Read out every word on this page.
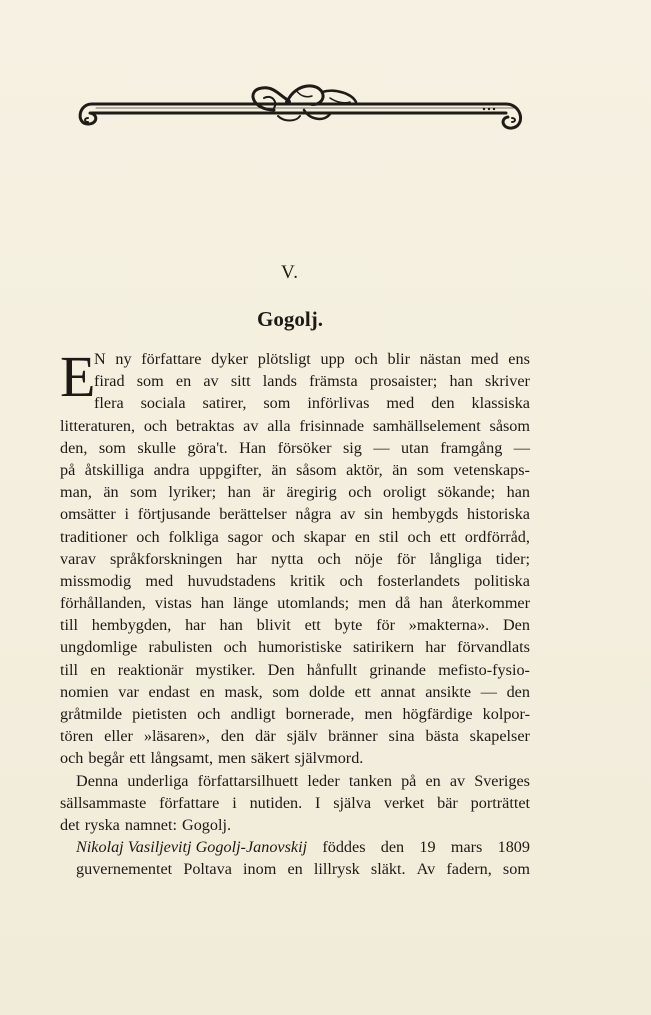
V.
Gogolj.
E
N ny författare dyker plötsligt upp och blir nästan med ens
firad som en av sitt lands främsta prosaister; han skriver
flera sociala satirer, som införlivas med den klassiska
litteraturen, och betraktas av alla frisinnade samhällselement såsom
den, som skulle göra't. Han försöker sig — utan framgång —
på åtskilliga andra uppgifter, än såsom aktör, än som vetenskaps-
man, än som lyriker; han är äregirig och oroligt sökande; han
omsätter i förtjusande berättelser några av sin hembygds historiska
traditioner och folkliga sagor och skapar en stil och ett ordförråd,
varav språkforskningen har nytta och nöje för långliga tider;
missmodig med huvudstadens kritik och fosterlandets politiska
förhållanden, vistas han länge utomlands; men då han återkommer
till hembygden, har han blivit ett byte för »makterna». Den
ungdomlige rabulisten och humoristiske satirikern har förvandlats
till en reaktionär mystiker. Den hånfullt grinande mefisto-fysio-
nomien var endast en mask, som dolde ett annat ansikte — den
gråtmilde pietisten och andligt bornerade, men högfärdige kolpor-
tören eller »läsaren», den där själv bränner sina bästa skapelser
och begår ett långsamt, men säkert självmord.
Denna underliga författarsilhuett leder tanken på en av Sveriges
sällsammaste författare i nutiden. I själva verket bär porträttet
det ryska namnet: Gogolj.
Nikolaj Vasiljevitj Gogolj-Janovskij föddes den 19 mars 1809
guvernementet Poltava inom en lillrysk släkt. Av fadern, som
